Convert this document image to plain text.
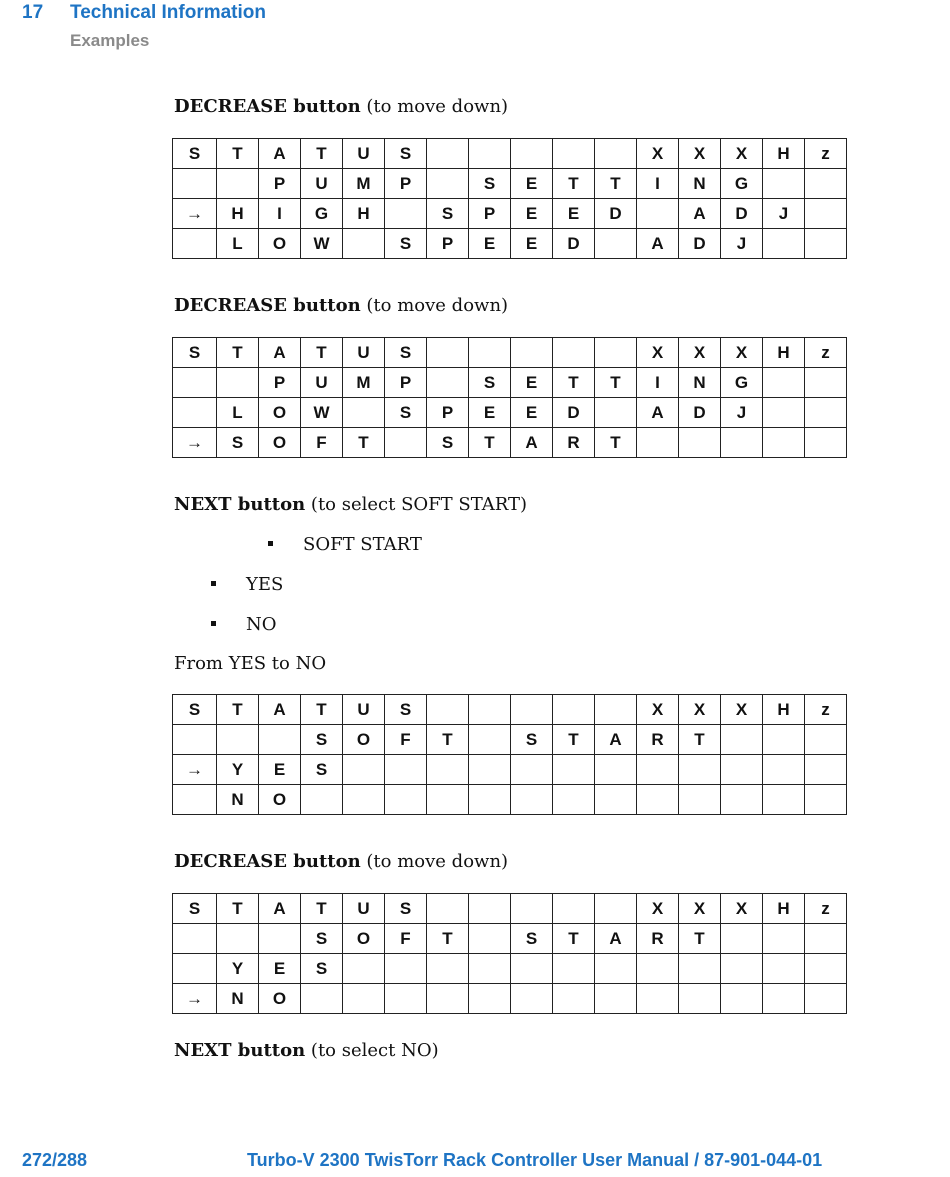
17 Technical Information
Examples
DECREASE button (to move down)
S	T	A	T	U	S						X	X	X	H	z
		P	U	M	P		S	E	T	T	I	N	G		
→	H	I	G	H		S	P	E	E	D		A	D	J	
	L	O	W		S	P	E	E	D		A	D	J		
DECREASE button (to move down)
S	T	A	T	U	S						X	X	X	H	z
		P	U	M	P		S	E	T	T	I	N	G		
	L	O	W		S	P	E	E	D		A	D	J		
→	S	O	F	T		S	T	A	R	T					
NEXT button (to select SOFT START)
SOFT START
YES
NO
From YES to NO
S	T	A	T	U	S						X	X	X	H	z
			S	O	F	T		S	T	A	R	T			
→	Y	E	S												
	N	O													
DECREASE button (to move down)
S	T	A	T	U	S						X	X	X	H	z
			S	O	F	T		S	T	A	R	T			
	Y	E	S												
→	N	O													
NEXT button (to select NO)
272/288	Turbo-V 2300 TwisTorr Rack Controller User Manual / 87-901-044-01
